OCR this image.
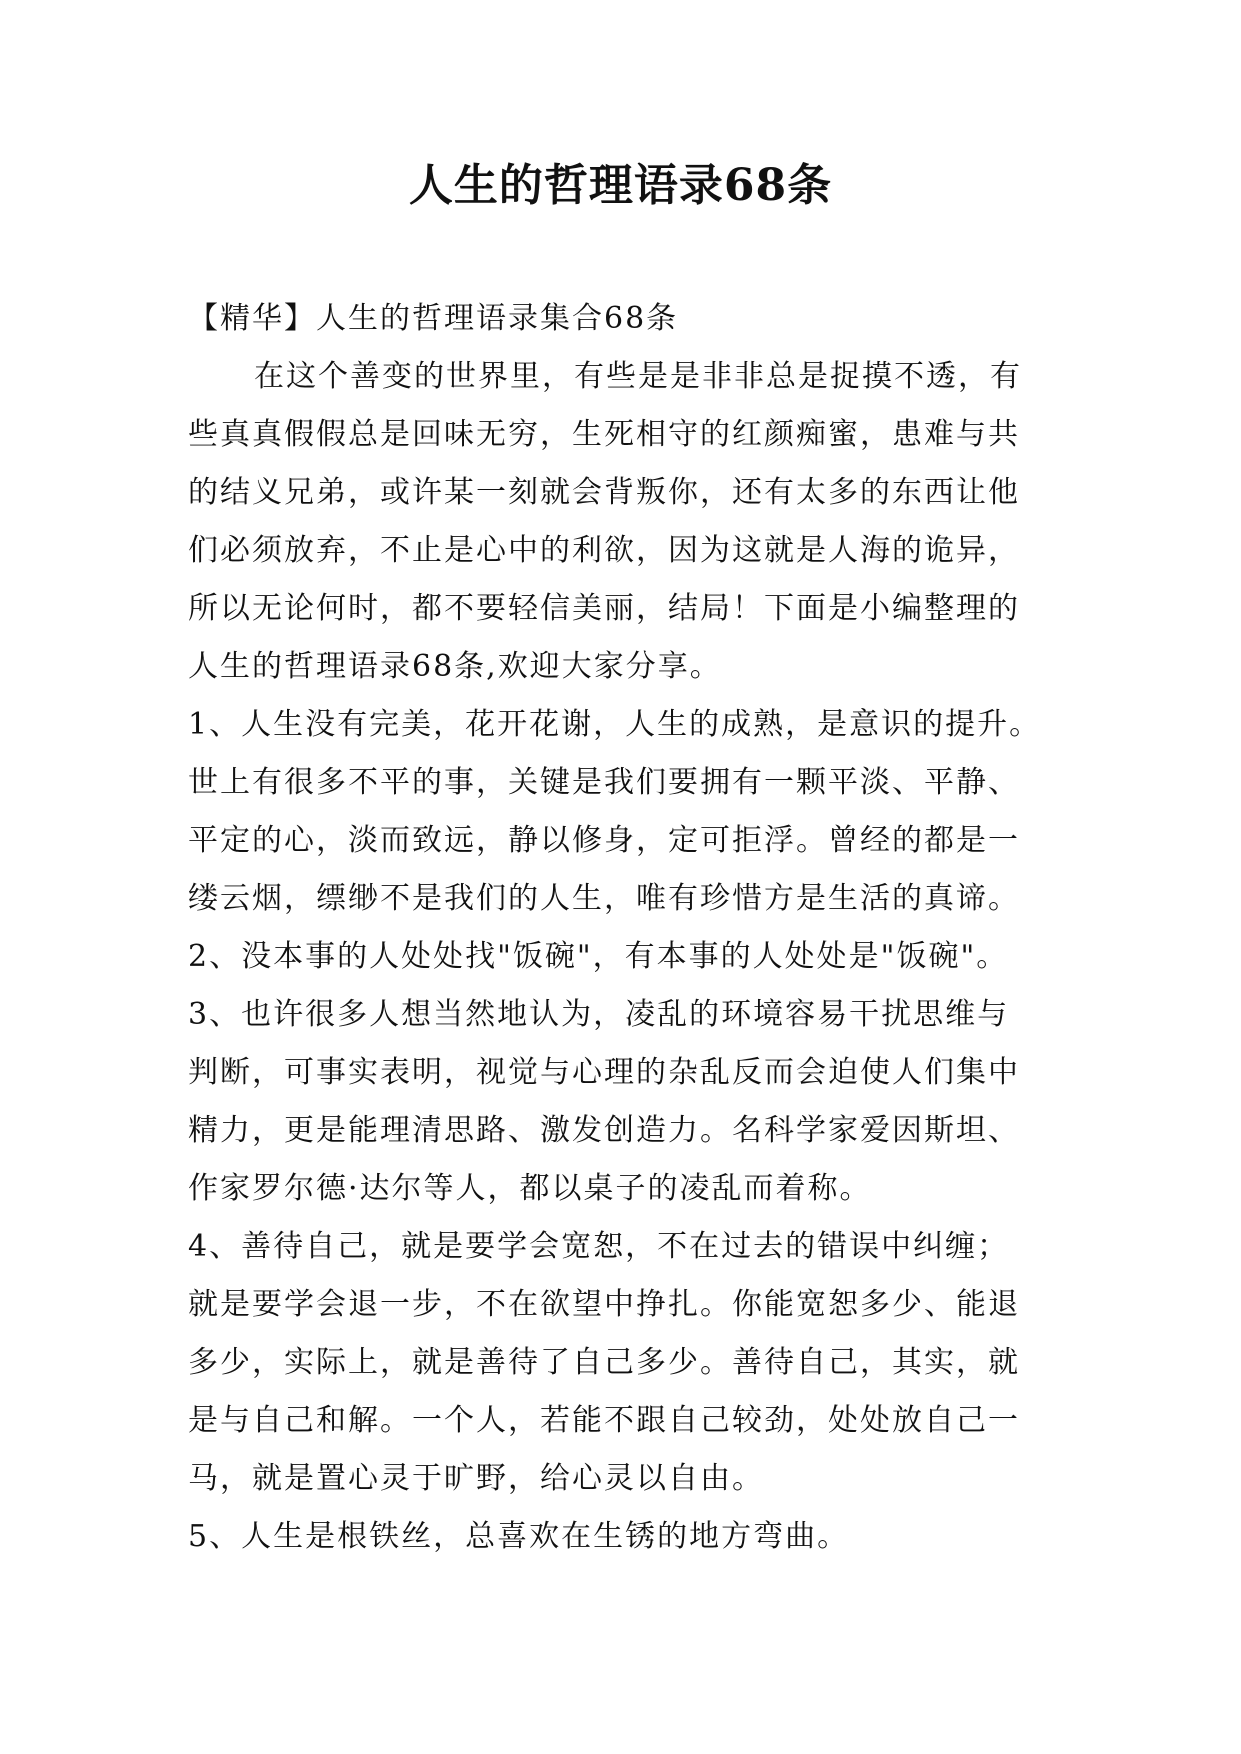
人生的哲理语录68条
【精华】人生的哲理语录集合68条
在这个善变的世界里，有些是是非非总是捉摸不透，有
些真真假假总是回味无穷，生死相守的红颜痴蜜，患难与共
的结义兄弟，或许某一刻就会背叛你，还有太多的东西让他
们必须放弃，不止是心中的利欲，因为这就是人海的诡异，
所以无论何时，都不要轻信美丽，结局！下面是小编整理的
人生的哲理语录68条,欢迎大家分享。
1、人生没有完美，花开花谢，人生的成熟，是意识的提升。
世上有很多不平的事，关键是我们要拥有一颗平淡、平静、
平定的心，淡而致远，静以修身，定可拒浮。曾经的都是一
缕云烟，缥缈不是我们的人生，唯有珍惜方是生活的真谛。
2、没本事的人处处找"饭碗"，有本事的人处处是"饭碗"。
3、也许很多人想当然地认为，凌乱的环境容易干扰思维与
判断，可事实表明，视觉与心理的杂乱反而会迫使人们集中
精力，更是能理清思路、激发创造力。名科学家爱因斯坦、
作家罗尔德·达尔等人，都以桌子的凌乱而着称。
4、善待自己，就是要学会宽恕，不在过去的错误中纠缠；
就是要学会退一步，不在欲望中挣扎。你能宽恕多少、能退
多少，实际上，就是善待了自己多少。善待自己，其实，就
是与自己和解。一个人，若能不跟自己较劲，处处放自己一
马，就是置心灵于旷野，给心灵以自由。
5、人生是根铁丝，总喜欢在生锈的地方弯曲。
